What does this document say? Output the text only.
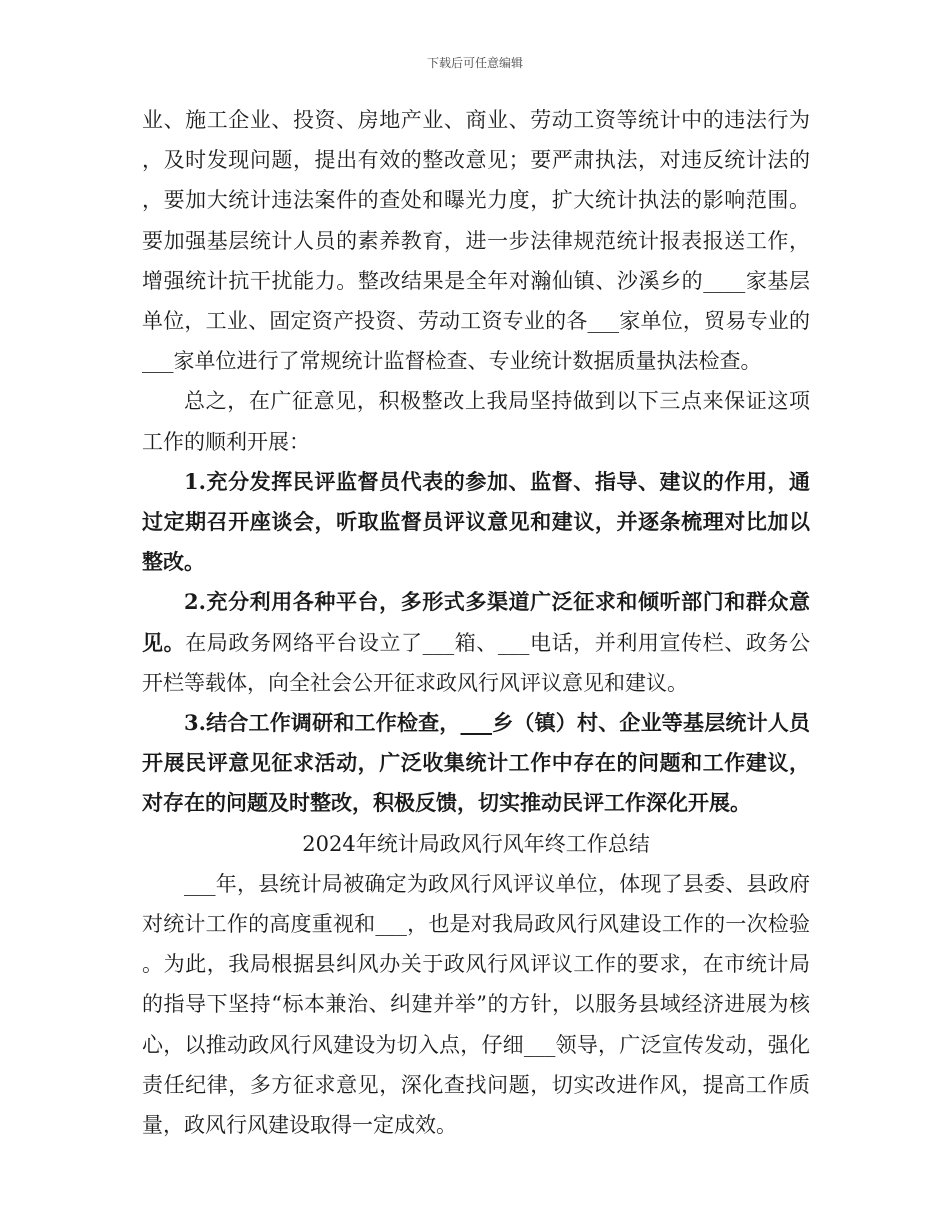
下载后可任意编辑

业、施工企业、投资、房地产业、商业、劳动工资等统计中的违法行为，及时发现问题，提出有效的整改意见；要严肃执法，对违反统计法的，要加大统计违法案件的查处和曝光力度，扩大统计执法的影响范围。要加强基层统计人员的素养教育，进一步法律规范统计报表报送工作，增强统计抗干扰能力。整改结果是全年对瀚仙镇、沙溪乡的____家基层单位，工业、固定资产投资、劳动工资专业的各___家单位，贸易专业的___家单位进行了常规统计监督检查、专业统计数据质量执法检查。

总之，在广征意见，积极整改上我局坚持做到以下三点来保证这项工作的顺利开展：

1.充分发挥民评监督员代表的参加、监督、指导、建议的作用，通过定期召开座谈会，听取监督员评议意见和建议，并逐条梳理对比加以整改。

2.充分利用各种平台，多形式多渠道广泛征求和倾听部门和群众意见。在局政务网络平台设立了___箱、___电话，并利用宣传栏、政务公开栏等载体，向全社会公开征求政风行风评议意见和建议。

3.结合工作调研和工作检查，___乡（镇）村、企业等基层统计人员开展民评意见征求活动，广泛收集统计工作中存在的问题和工作建议，对存在的问题及时整改，积极反馈，切实推动民评工作深化开展。

2024年统计局政风行风年终工作总结

___年，县统计局被确定为政风行风评议单位，体现了县委、县政府对统计工作的高度重视和___，也是对我局政风行风建设工作的一次检验。为此，我局根据县纠风办关于政风行风评议工作的要求，在市统计局的指导下坚持“标本兼治、纠建并举”的方针，以服务县域经济进展为核心，以推动政风行风建设为切入点，仔细___领导，广泛宣传发动，强化责任纪律，多方征求意见，深化查找问题，切实改进作风，提高工作质量，政风行风建设取得一定成效。
